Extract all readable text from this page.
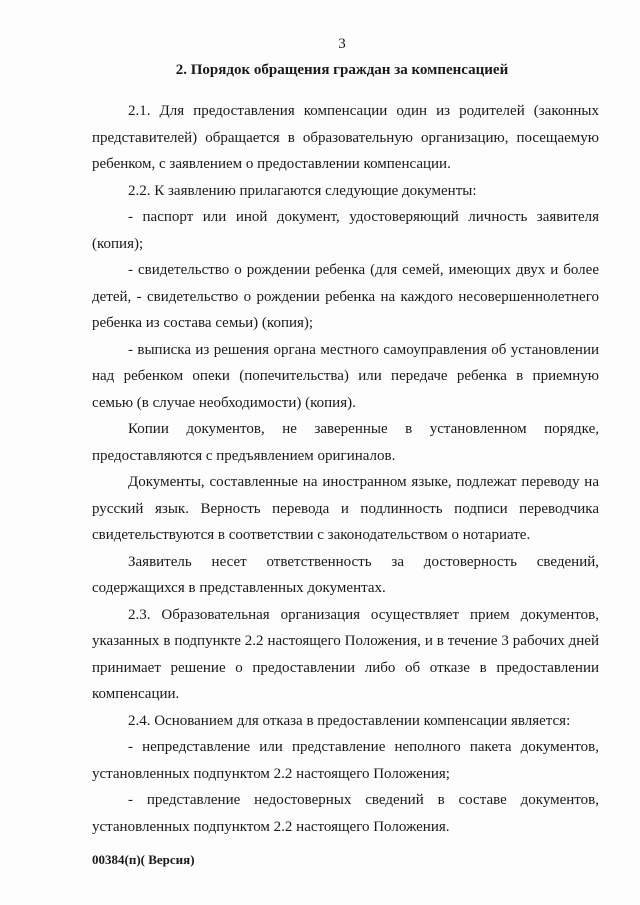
3
2. Порядок обращения граждан за компенсацией

2.1. Для предоставления компенсации один из родителей (законных представителей) обращается в образовательную организацию, посещаемую ребенком, с заявлением о предоставлении компенсации.

2.2. К заявлению прилагаются следующие документы:

- паспорт или иной документ, удостоверяющий личность заявителя (копия);

- свидетельство о рождении ребенка (для семей, имеющих двух и более детей, - свидетельство о рождении ребенка на каждого несовершеннолетнего ребенка из состава семьи) (копия);

- выписка из решения органа местного самоуправления об установлении над ребенком опеки (попечительства) или передаче ребенка в приемную семью (в случае необходимости) (копия).

Копии документов, не заверенные в установленном порядке, предоставляются с предъявлением оригиналов.

Документы, составленные на иностранном языке, подлежат переводу на русский язык. Верность перевода и подлинность подписи переводчика свидетельствуются в соответствии с законодательством о нотариате.

Заявитель несет ответственность за достоверность сведений, содержащихся в представленных документах.

2.3. Образовательная организация осуществляет прием документов, указанных в подпункте 2.2 настоящего Положения, и в течение 3 рабочих дней принимает решение о предоставлении либо об отказе в предоставлении компенсации.

2.4. Основанием для отказа в предоставлении компенсации является:

- непредставление или представление неполного пакета документов, установленных подпунктом 2.2 настоящего Положения;

- представление недостоверных сведений в составе документов, установленных подпунктом 2.2 настоящего Положения.

00384(п)( Версия)
